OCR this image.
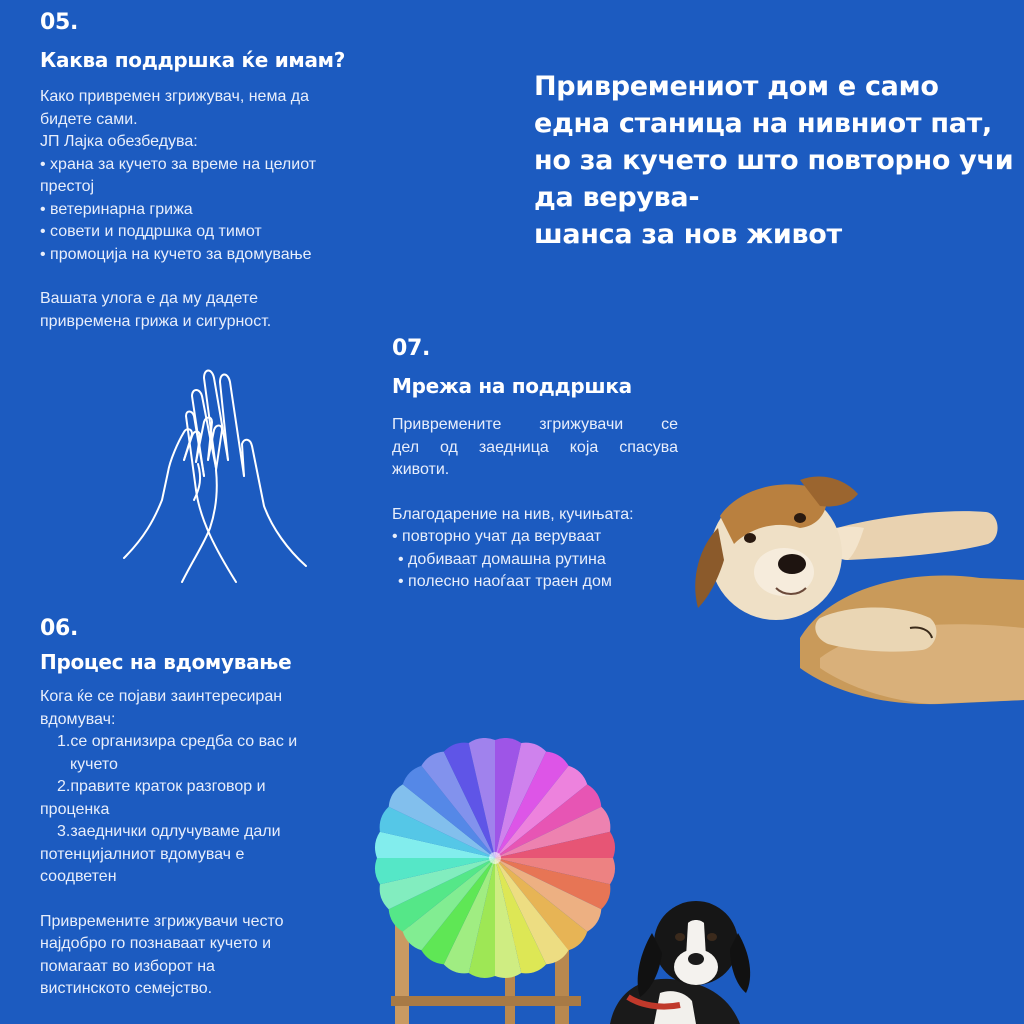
Привремениот дом е само
една станица на нивниот пат,
но за кучето што повторно учи
да верува-
шанса за нов живот
05.
Каква поддршка ќе имам?
Како привремен згрижувач, нема да
бидете сами.
ЈП Лајка обезбедува:
• храна за кучето за време на целиот
престој
• ветеринарна грижа
• совети и поддршка од тимот
• промоција на кучето за вдомување
Вашата улога е да му дадете
привремена грижа и сигурност.
07.
Мрежа на поддршка
Привремените згрижувачи се
дел од заедница која спасува
животи.
Благодарение на нив, кучињата:
• повторно учат да веруваат
• добиваат домашна рутина
• полесно наоѓаат траен дом
06.
Процес на вдомување
Кога ќе се појави заинтересиран
вдомувач:
1.се организира средба со вас и
кучето
2.правите краток разговор и
проценка
3.заеднички одлучуваме дали
потенцијалниот вдомувач е
соодветен
Привремените згрижувачи често
најдобро го познаваат кучето и
помагаат во изборот на
вистинското семејство.
